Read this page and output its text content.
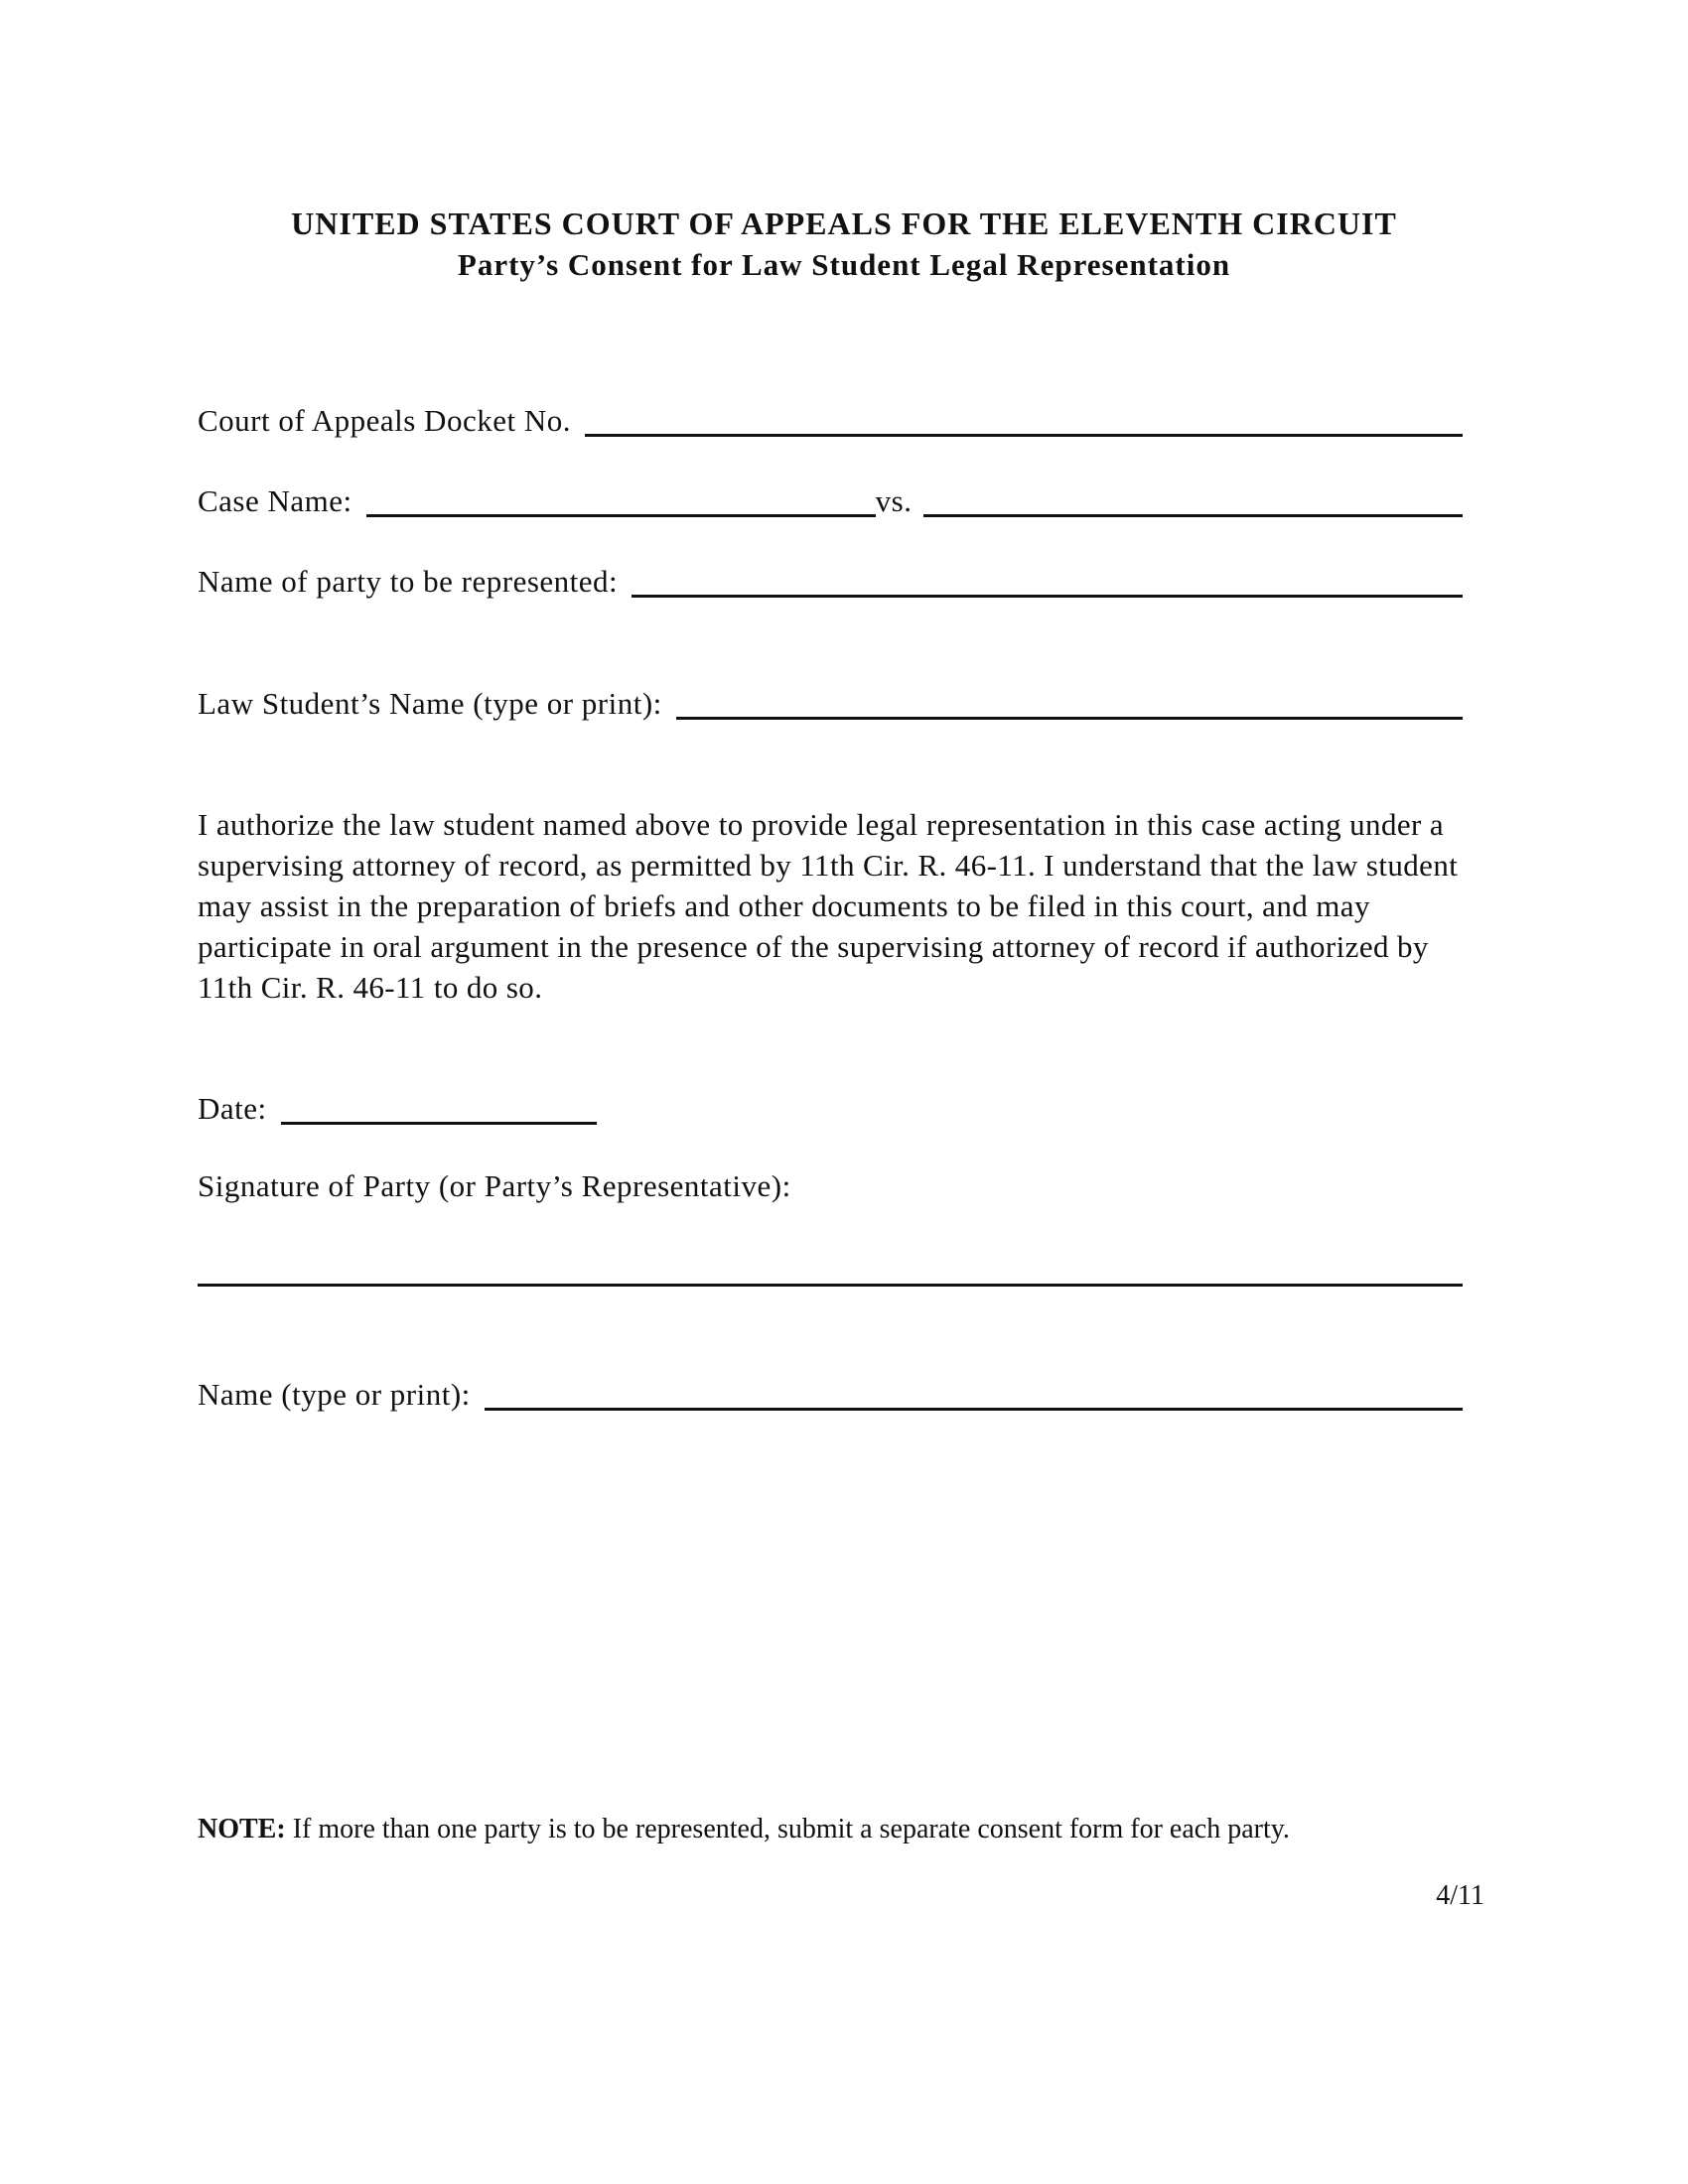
UNITED STATES COURT OF APPEALS FOR THE ELEVENTH CIRCUIT
Party’s Consent for Law Student Legal Representation
Court of Appeals Docket No.
Case Name:	vs.
Name of party to be represented:
Law Student’s Name (type or print):
I authorize the law student named above to provide legal representation in this case acting under a supervising attorney of record, as permitted by 11th Cir. R. 46-11. I understand that the law student may assist in the preparation of briefs and other documents to be filed in this court, and may participate in oral argument in the presence of the supervising attorney of record if authorized by 11th Cir. R. 46-11 to do so.
Date:
Signature of Party (or Party’s Representative):
Name (type or print):
NOTE: If more than one party is to be represented, submit a separate consent form for each party.
4/11
